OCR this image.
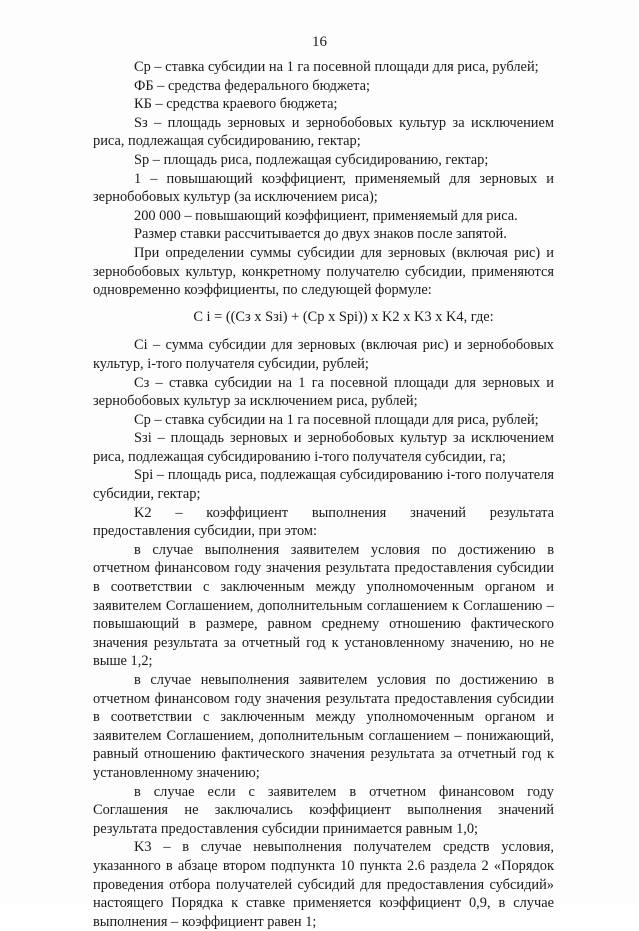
16

Ср – ставка субсидии на 1 га посевной площади для риса, рублей;

ФБ – средства федерального бюджета;

КБ – средства краевого бюджета;

Sз – площадь зерновых и зернобобовых культур за исключением риса, подлежащая субсидированию, гектар;

Sр – площадь риса, подлежащая субсидированию, гектар;

1 – повышающий коэффициент, применяемый для зерновых и зернобобовых культур (за исключением риса);

200 000 – повышающий коэффициент, применяемый для риса.

Размер ставки рассчитывается до двух знаков после запятой.

При определении суммы субсидии для зерновых (включая рис) и зернобобовых культур, конкретному получателю субсидии, применяются одновременно коэффициенты, по следующей формуле:

C i = ((Cз x Sзi) + (Cр x Spi)) x K2 x K3 x K4, где:

Ci – сумма субсидии для зерновых (включая рис) и зернобобовых культур, i-того получателя субсидии, рублей;

Cз – ставка субсидии на 1 га посевной площади для зерновых и зернобобовых культур за исключением риса, рублей;

Cр – ставка субсидии на 1 га посевной площади для риса, рублей;

Sзi – площадь зерновых и зернобобовых культур за исключением риса, подлежащая субсидированию i-того получателя субсидии, га;

Spi – площадь риса, подлежащая субсидированию i-того получателя субсидии, гектар;

K2 – коэффициент выполнения значений результата предоставления субсидии, при этом:

в случае выполнения заявителем условия по достижению в отчетном финансовом году значения результата предоставления субсидии в соответствии с заключенным между уполномоченным органом и заявителем Соглашением, дополнительным соглашением к Соглашению – повышающий в размере, равном среднему отношению фактического значения результата за отчетный год к установленному значению, но не выше 1,2;

в случае невыполнения заявителем условия по достижению в отчетном финансовом году значения результата предоставления субсидии в соответствии с заключенным между уполномоченным органом и заявителем Соглашением, дополнительным соглашением – понижающий, равный отношению фактического значения результата за отчетный год к установленному значению;

в случае если с заявителем в отчетном финансовом году Соглашения не заключались коэффициент выполнения значений результата предоставления субсидии принимается равным 1,0;

K3 – в случае невыполнения получателем средств условия, указанного в абзаце втором подпункта 10 пункта 2.6 раздела 2 «Порядок проведения отбора получателей субсидий для предоставления субсидий» настоящего Порядка к ставке применяется коэффициент 0,9, в случае выполнения – коэффициент равен 1;
